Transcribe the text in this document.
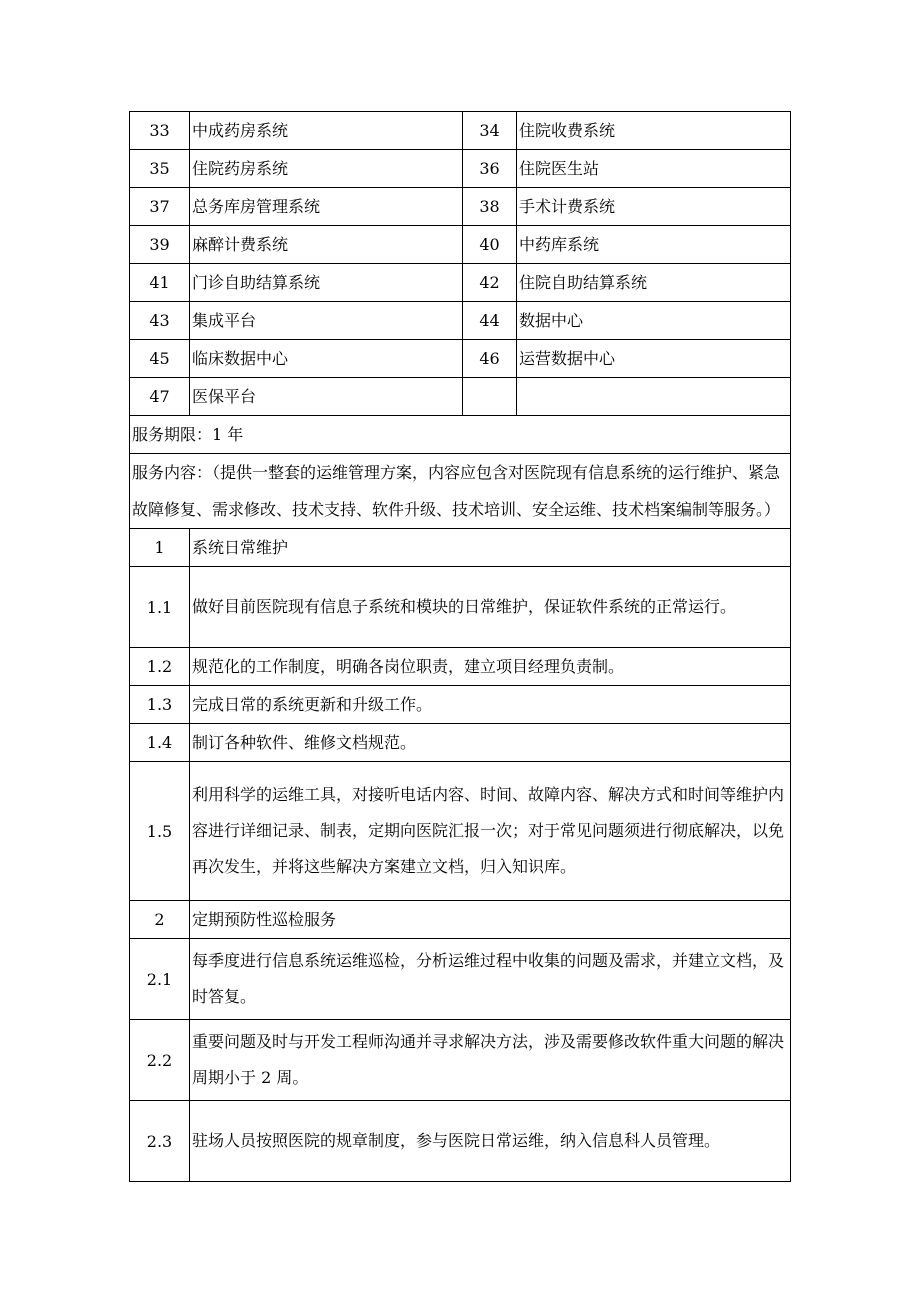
33	中成药房系统	34	住院收费系统
35	住院药房系统	36	住院医生站
37	总务库房管理系统	38	手术计费系统
39	麻醉计费系统	40	中药库系统
41	门诊自助结算系统	42	住院自助结算系统
43	集成平台	44	数据中心
45	临床数据中心	46	运营数据中心
47	医保平台		
服务期限：1 年	
服务内容：（提供一整套的运维管理方案，内容应包含对医院现有信息系统的运行维护、紧急故障修复、需求修改、技术支持、软件升级、技术培训、安全运维、技术档案编制等服务。）	
1	系统日常维护
1.1	做好目前医院现有信息子系统和模块的日常维护，保证软件系统的正常运行。
1.2	规范化的工作制度，明确各岗位职责，建立项目经理负责制。
1.3	完成日常的系统更新和升级工作。
1.4	制订各种软件、维修文档规范。
1.5	利用科学的运维工具，对接听电话内容、时间、故障内容、解决方式和时间等维护内容进行详细记录、制表，定期向医院汇报一次；对于常见问题须进行彻底解决，以免再次发生，并将这些解决方案建立文档，归入知识库。
2	定期预防性巡检服务
2.1	每季度进行信息系统运维巡检，分析运维过程中收集的问题及需求，并建立文档，及时答复。
2.2	重要问题及时与开发工程师沟通并寻求解决方法，涉及需要修改软件重大问题的解决周期小于 2 周。
2.3	驻场人员按照医院的规章制度，参与医院日常运维，纳入信息科人员管理。
